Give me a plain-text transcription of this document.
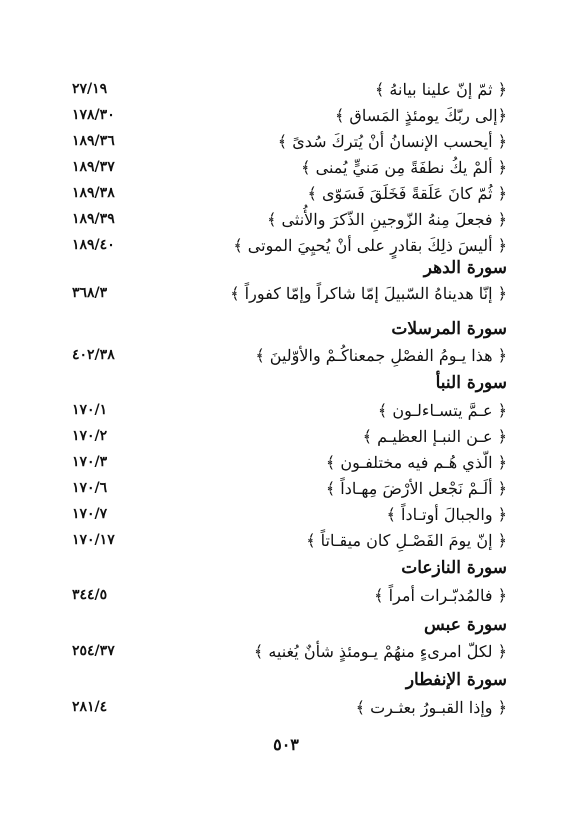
﴿ ثمّ إنّ علينا بيانهُ ﴾
٢٧/١٩
﴿إلى ربّكَ يومئذٍ المَساق ﴾
١٧٨/٣٠
﴿ أيحسب الإنسانُ أنْ يُتركَ سُدىً ﴾
١٨٩/٣٦
﴿ ألمْ يكُ نطفَةً مِن مَنيٍّ يُمنى ﴾
١٨٩/٣٧
﴿ ثُمّ كانَ عَلَقةً فَخَلَقَ فَسَوّى ﴾
١٨٩/٣٨
﴿ فجعلَ مِنهُ الزّوجينِ الذّكرَ والأُنثى ﴾
١٨٩/٣٩
﴿ أليسَ ذلِكَ بقادرٍ على أنْ يُحيِيَ الموتى ﴾
١٨٩/٤٠
سورة الدهر
﴿ إنّا هديناهُ السّبيلَ إمّا شاكراً وإمّا كفوراً ﴾
٣٦٨/٣
سورة المرسلات
﴿ هذا يـومُ الفصْلِ جمعناكُـمْ والأوّلينَ ﴾
٤٠٢/٣٨
سورة النبأ
﴿ عـمَّ يتسـاءلـون ﴾
١٧٠/١
﴿ عـن النبـإ العظيـم ﴾
١٧٠/٢
﴿ الّذي هُـم فيه مختلفـون ﴾
١٧٠/٣
﴿ ألَـمْ نَجْعل الأرْضَ مِهـاداً ﴾
١٧٠/٦
﴿ والجبالَ أوتـاداً ﴾
١٧٠/٧
﴿ إنّ يومَ الفَصْـلِ كان ميقـاتاً ﴾
١٧٠/١٧
سورة النازعات
﴿ فالمُدبّـرات أمراً ﴾
٣٤٤/٥
سورة عبس
﴿ لكلّ امرىءٍ منهُمْ يـومئذٍ شأنٌ يُغنيه ﴾
٢٥٤/٣٧
سورة الإنفطار
﴿ وإذا القبـورُ بعثـرت ﴾
٢٨١/٤
٥٠٣
